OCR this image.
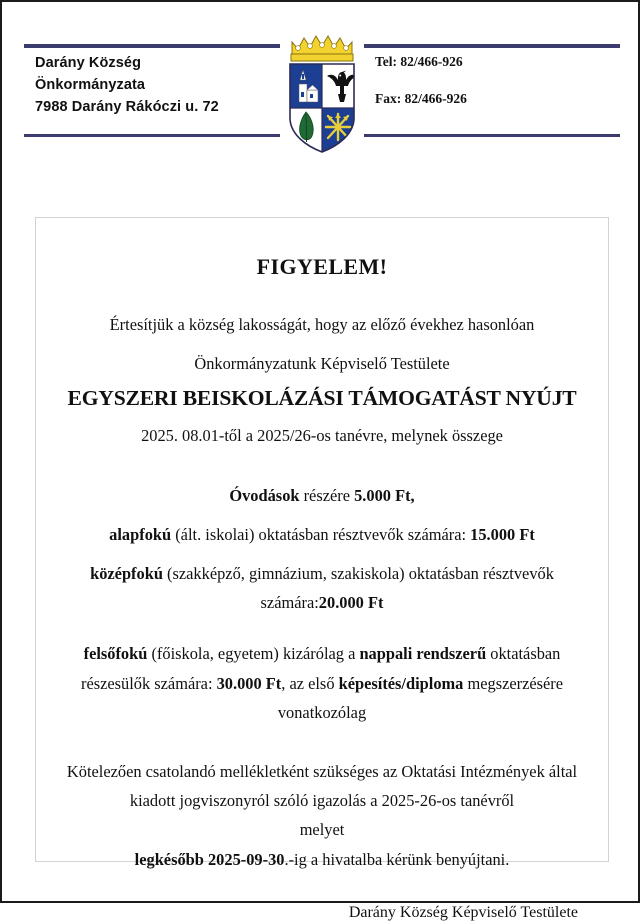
Darány Község
Önkormányzata
7988 Darány Rákóczi u. 72
Tel: 82/466-926
Fax: 82/466-926
FIGYELEM!
Értesítjük a község lakosságát, hogy az előző évekhez hasonlóan
Önkormányzatunk Képviselő Testülete
EGYSZERI BEISKOLÁZÁSI TÁMOGATÁST NYÚJT
2025. 08.01-től a 2025/26-os tanévre, melynek összege
Óvodások részére 5.000 Ft,
alapfokú (ált. iskolai) oktatásban résztvevők számára: 15.000 Ft
középfokú (szakképző, gimnázium, szakiskola) oktatásban résztvevők
számára:20.000 Ft
felsőfokú (főiskola, egyetem) kizárólag a nappali rendszerű oktatásban
részesülők számára: 30.000 Ft, az első képesítés/diploma megszerzésére
vonatkozólag
Kötelezően csatolandó mellékletként szükséges az Oktatási Intézmények által
kiadott jogviszonyról szóló igazolás a 2025-26-os tanévről
melyet
legkésőbb 2025-09-30.-ig a hivatalba kérünk benyújtani.
Darány Község Képviselő Testülete
